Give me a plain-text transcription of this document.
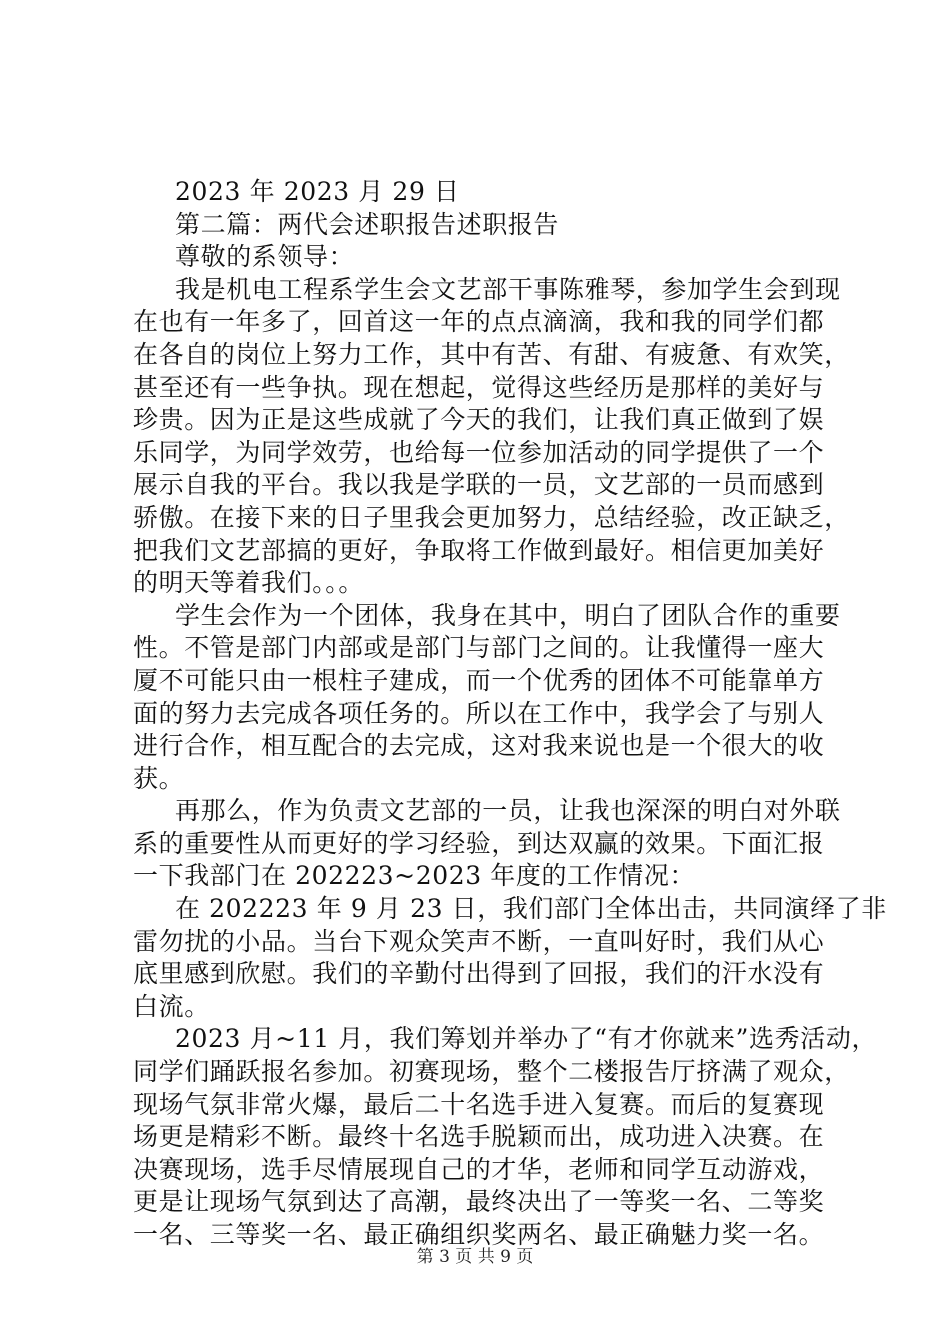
2023 年 2023 月 29 日
第二篇：两代会述职报告述职报告
尊敬的系领导：
我是机电工程系学生会文艺部干事陈雅琴，参加学生会到现
在也有一年多了，回首这一年的点点滴滴，我和我的同学们都
在各自的岗位上努力工作，其中有苦、有甜、有疲惫、有欢笑，
甚至还有一些争执。现在想起，觉得这些经历是那样的美好与
珍贵。因为正是这些成就了今天的我们，让我们真正做到了娱
乐同学，为同学效劳，也给每一位参加活动的同学提供了一个
展示自我的平台。我以我是学联的一员，文艺部的一员而感到
骄傲。在接下来的日子里我会更加努力，总结经验，改正缺乏，
把我们文艺部搞的更好，争取将工作做到最好。相信更加美好
的明天等着我们。。。
学生会作为一个团体，我身在其中，明白了团队合作的重要
性。不管是部门内部或是部门与部门之间的。让我懂得一座大
厦不可能只由一根柱子建成，而一个优秀的团体不可能靠单方
面的努力去完成各项任务的。所以在工作中，我学会了与别人
进行合作，相互配合的去完成，这对我来说也是一个很大的收
获。
再那么，作为负责文艺部的一员，让我也深深的明白对外联
系的重要性从而更好的学习经验，到达双赢的效果。下面汇报
一下我部门在 202223~2023 年度的工作情况：
在 202223 年 9 月 23 日，我们部门全体出击，共同演绎了非
雷勿扰的小品。当台下观众笑声不断，一直叫好时，我们从心
底里感到欣慰。我们的辛勤付出得到了回报，我们的汗水没有
白流。
2023 月~11 月，我们筹划并举办了“有才你就来”选秀活动，
同学们踊跃报名参加。初赛现场，整个二楼报告厅挤满了观众，
现场气氛非常火爆，最后二十名选手进入复赛。而后的复赛现
场更是精彩不断。最终十名选手脱颖而出，成功进入决赛。在
决赛现场，选手尽情展现自己的才华，老师和同学互动游戏，
更是让现场气氛到达了高潮，最终决出了一等奖一名、二等奖
一名、三等奖一名、最正确组织奖两名、最正确魅力奖一名。
第 3 页 共 9 页
